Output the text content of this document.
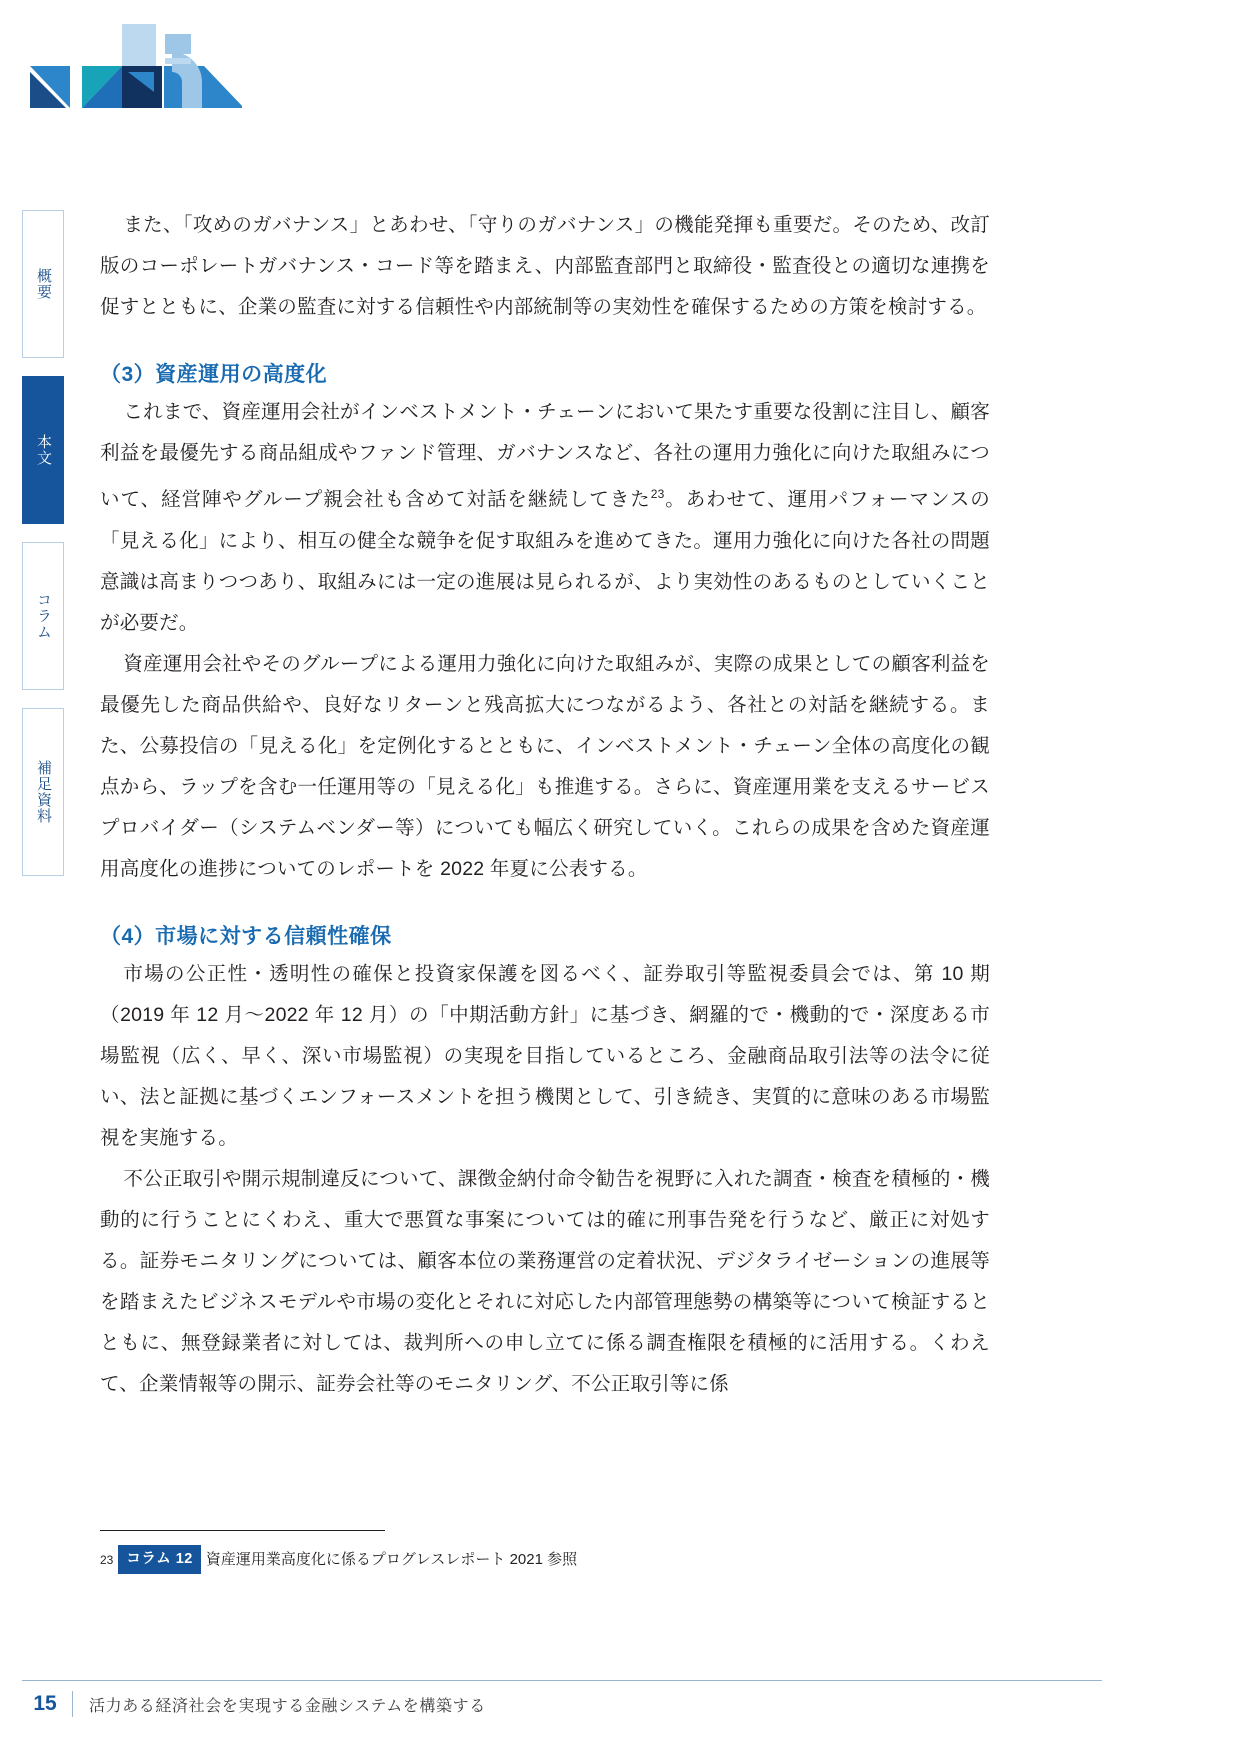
概要
本文
コラム
補足資料

また、「攻めのガバナンス」とあわせ、「守りのガバナンス」の機能発揮も重要だ。そのため、改訂版のコーポレートガバナンス・コード等を踏まえ、内部監査部門と取締役・監査役との適切な連携を促すとともに、企業の監査に対する信頼性や内部統制等の実効性を確保するための方策を検討する。

（3）資産運用の高度化

これまで、資産運用会社がインベストメント・チェーンにおいて果たす重要な役割に注目し、顧客利益を最優先する商品組成やファンド管理、ガバナンスなど、各社の運用力強化に向けた取組みについて、経営陣やグループ親会社も含めて対話を継続してきた$^{23}$。あわせて、運用パフォーマンスの「見える化」により、相互の健全な競争を促す取組みを進めてきた。運用力強化に向けた各社の問題意識は高まりつつあり、取組みには一定の進展は見られるが、より実効性のあるものとしていくことが必要だ。

資産運用会社やそのグループによる運用力強化に向けた取組みが、実際の成果としての顧客利益を最優先した商品供給や、良好なリターンと残高拡大につながるよう、各社との対話を継続する。また、公募投信の「見える化」を定例化するとともに、インベストメント・チェーン全体の高度化の観点から、ラップを含む一任運用等の「見える化」も推進する。さらに、資産運用業を支えるサービスプロバイダー（システムベンダー等）についても幅広く研究していく。これらの成果を含めた資産運用高度化の進捗についてのレポートを 2022 年夏に公表する。

（4）市場に対する信頼性確保

市場の公正性・透明性の確保と投資家保護を図るべく、証券取引等監視委員会では、第 10 期（2019 年 12 月〜2022 年 12 月）の「中期活動方針」に基づき、網羅的で・機動的で・深度ある市場監視（広く、早く、深い市場監視）の実現を目指しているところ、金融商品取引法等の法令に従い、法と証拠に基づくエンフォースメントを担う機関として、引き続き、実質的に意味のある市場監視を実施する。

不公正取引や開示規制違反について、課徴金納付命令勧告を視野に入れた調査・検査を積極的・機動的に行うことにくわえ、重大で悪質な事案については的確に刑事告発を行うなど、厳正に対処する。証券モニタリングについては、顧客本位の業務運営の定着状況、デジタライゼーションの進展等を踏まえたビジネスモデルや市場の変化とそれに対応した内部管理態勢の構築等について検証するとともに、無登録業者に対しては、裁判所への申し立てに係る調査権限を積極的に活用する。くわえて、企業情報等の開示、証券会社等のモニタリング、不公正取引等に係

23 コラム 12 資産運用業高度化に係るプログレスレポート 2021 参照
15	活力ある経済社会を実現する金融システムを構築する
